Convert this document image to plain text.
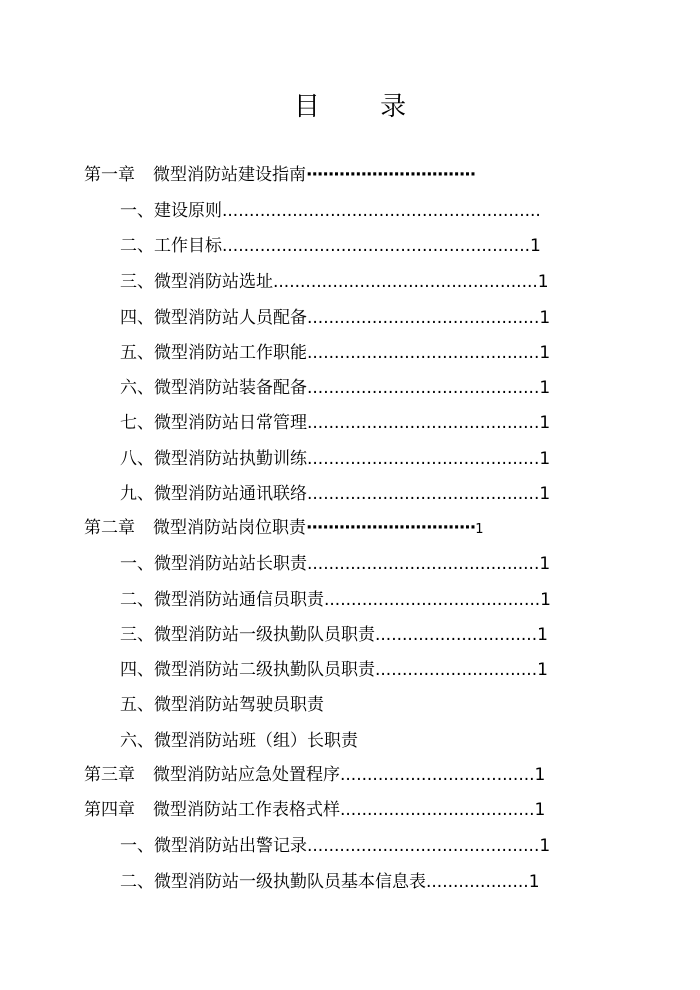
目 录
第一章 微型消防站建设指南·······························
一、建设原则...........................................................
二、工作目标.........................................................1
三、微型消防站选址.................................................1
四、微型消防站人员配备...........................................1
五、微型消防站工作职能...........................................1
六、微型消防站装备配备...........................................1
七、微型消防站日常管理...........................................1
八、微型消防站执勤训练...........................................1
九、微型消防站通讯联络...........................................1
第二章 微型消防站岗位职责·······························1
一、微型消防站站长职责...........................................1
二、微型消防站通信员职责........................................1
三、微型消防站一级执勤队员职责..............................1
四、微型消防站二级执勤队员职责..............................1
五、微型消防站驾驶员职责
六、微型消防站班（组）长职责
第三章 微型消防站应急处置程序....................................1
第四章 微型消防站工作表格式样....................................1
一、微型消防站出警记录...........................................1
二、微型消防站一级执勤队员基本信息表...................1
